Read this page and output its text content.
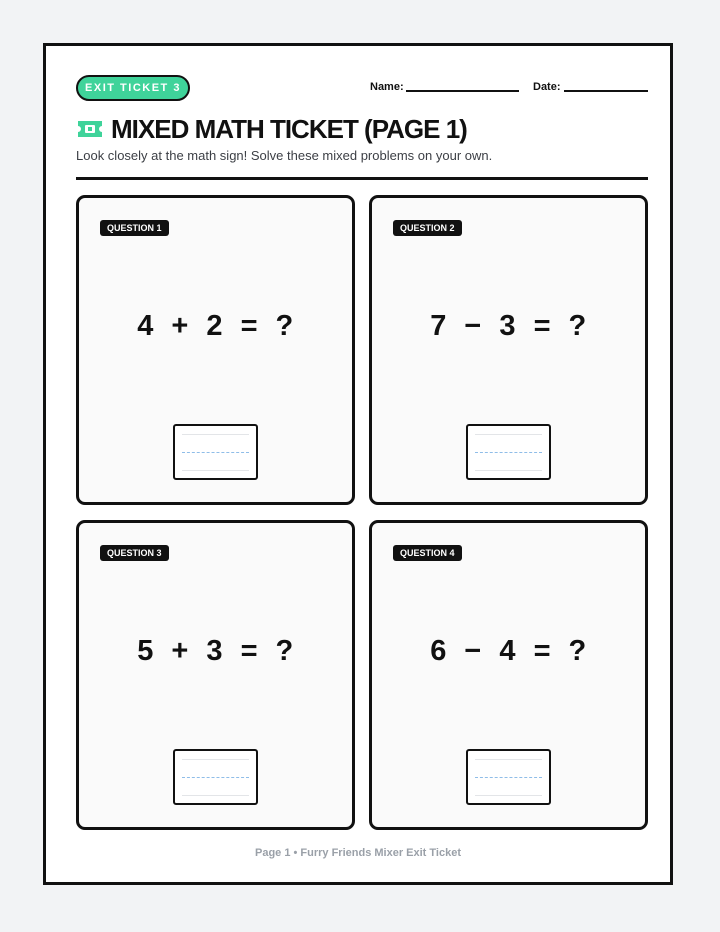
EXIT TICKET 3	Name:	Date:
MIXED MATH TICKET (PAGE 1)
Look closely at the math sign! Solve these mixed problems on your own.
QUESTION 1
4 + 2 = ?
QUESTION 2
7 − 3 = ?
QUESTION 3
5 + 3 = ?
QUESTION 4
6 − 4 = ?
Page 1 • Furry Friends Mixer Exit Ticket
